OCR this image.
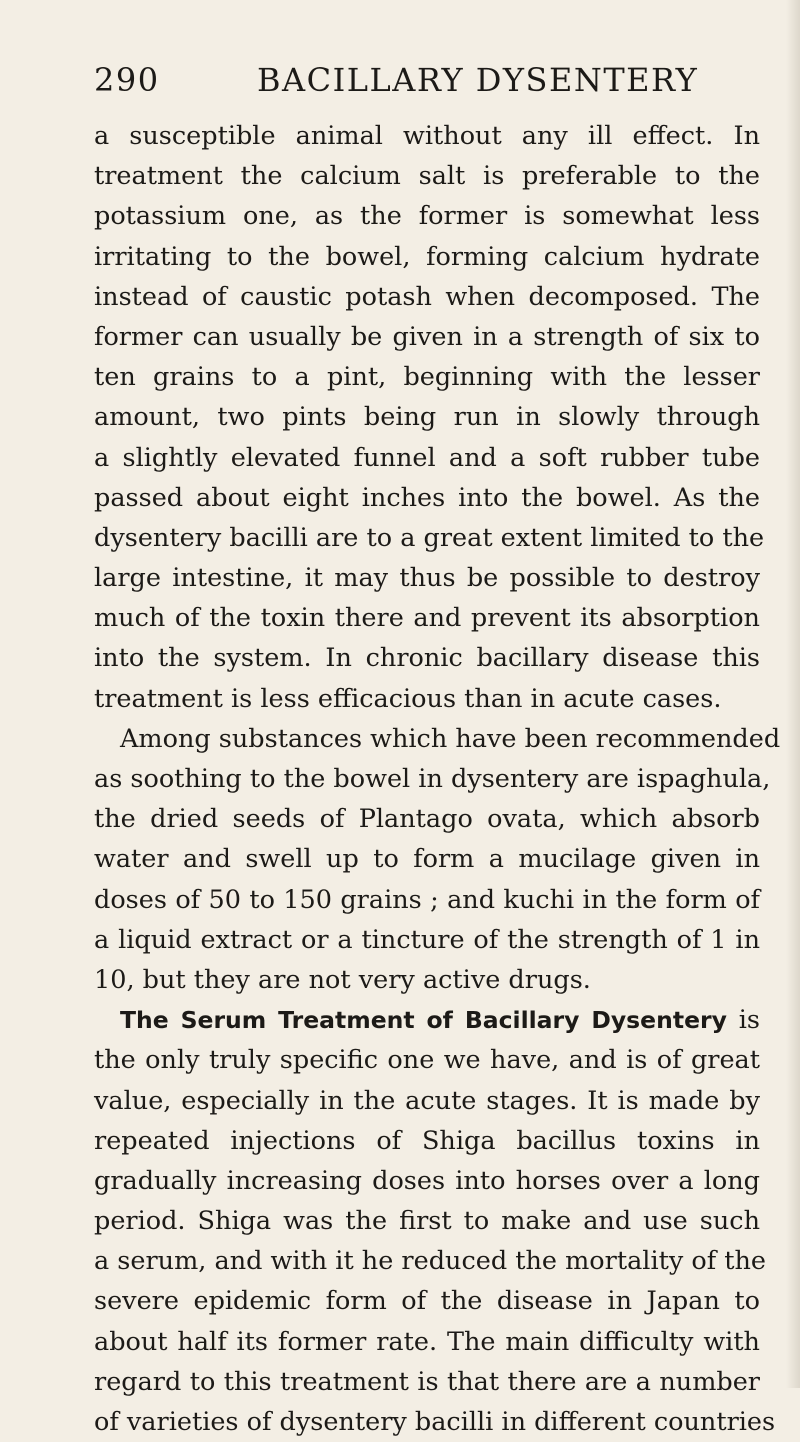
290	BACILLARY DYSENTERY
a susceptible animal without any ill effect. In
treatment the calcium salt is preferable to the
potassium one, as the former is somewhat less
irritating to the bowel, forming calcium hydrate
instead of caustic potash when decomposed. The
former can usually be given in a strength of six to
ten grains to a pint, beginning with the lesser
amount, two pints being run in slowly through
a slightly elevated funnel and a soft rubber tube
passed about eight inches into the bowel. As the
dysentery bacilli are to a great extent limited to the
large intestine, it may thus be possible to destroy
much of the toxin there and prevent its absorption
into the system. In chronic bacillary disease this
treatment is less efficacious than in acute cases.
Among substances which have been recommended
as soothing to the bowel in dysentery are ispaghula,
the dried seeds of Plantago ovata, which absorb
water and swell up to form a mucilage given in
doses of 50 to 150 grains ; and kuchi in the form of
a liquid extract or a tincture of the strength of 1 in
10, but they are not very active drugs.
The Serum Treatment of Bacillary Dysentery is
the only truly specific one we have, and is of great
value, especially in the acute stages. It is made by
repeated injections of Shiga bacillus toxins in
gradually increasing doses into horses over a long
period. Shiga was the first to make and use such
a serum, and with it he reduced the mortality of the
severe epidemic form of the disease in Japan to
about half its former rate. The main difficulty with
regard to this treatment is that there are a number
of varieties of dysentery bacilli in different countries
